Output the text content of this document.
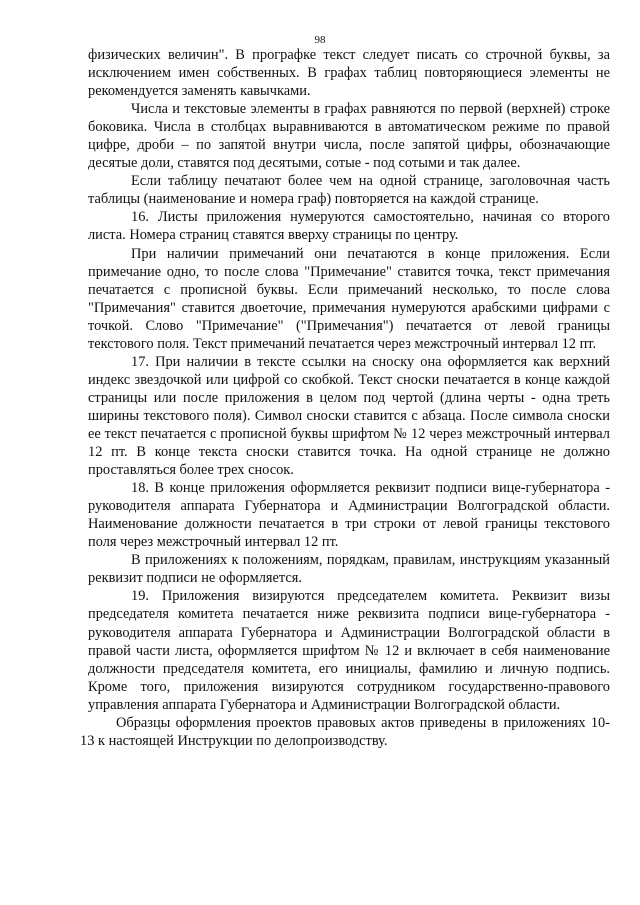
98

физических величин". В прографке текст следует писать со строчной буквы, за исключением имен собственных. В графах таблиц повторяющиеся элементы не рекомендуется заменять кавычками.

Числа и текстовые элементы в графах равняются по первой (верхней) строке боковика. Числа в столбцах выравниваются в автоматическом режиме по правой цифре, дроби – по запятой внутри числа, после запятой цифры, обозначающие десятые доли, ставятся под десятыми, сотые - под сотыми и так далее.

Если таблицу печатают более чем на одной странице, заголовочная часть таблицы (наименование и номера граф) повторяется на каждой странице.

16. Листы приложения нумеруются самостоятельно, начиная со второго листа. Номера страниц ставятся вверху страницы по центру.

При наличии примечаний они печатаются в конце приложения. Если примечание одно, то после слова "Примечание" ставится точка, текст примечания печатается с прописной буквы. Если примечаний несколько, то после слова "Примечания" ставится двоеточие, примечания нумеруются арабскими цифрами с точкой. Слово "Примечание" ("Примечания") печатается от левой границы текстового поля. Текст примечаний печатается через межстрочный интервал 12 пт.

17. При наличии в тексте ссылки на сноску она оформляется как верхний индекс звездочкой или цифрой со скобкой. Текст сноски печатается в конце каждой страницы или после приложения в целом под чертой (длина черты - одна треть ширины текстового поля). Символ сноски ставится с абзаца. После символа сноски ее текст печатается с прописной буквы шрифтом № 12 через межстрочный интервал 12 пт. В конце текста сноски ставится точка. На одной странице не должно проставляться более трех сносок.

18. В конце приложения оформляется реквизит подписи вице-губернатора - руководителя аппарата Губернатора и Администрации Волгоградской области. Наименование должности печатается в три строки от левой границы текстового поля через межстрочный интервал 12 пт.

В приложениях к положениям, порядкам, правилам, инструкциям указанный реквизит подписи не оформляется.

19. Приложения визируются председателем комитета. Реквизит визы председателя комитета печатается ниже реквизита подписи вице-губернатора - руководителя аппарата Губернатора и Администрации Волгоградской области в правой части листа, оформляется шрифтом № 12 и включает в себя наименование должности председателя комитета, его инициалы, фамилию и личную подпись. Кроме того, приложения визируются сотрудником государственно-правового управления аппарата Губернатора и Администрации Волгоградской области.

Образцы оформления проектов правовых актов приведены в приложениях 10-13 к настоящей Инструкции по делопроизводству.
